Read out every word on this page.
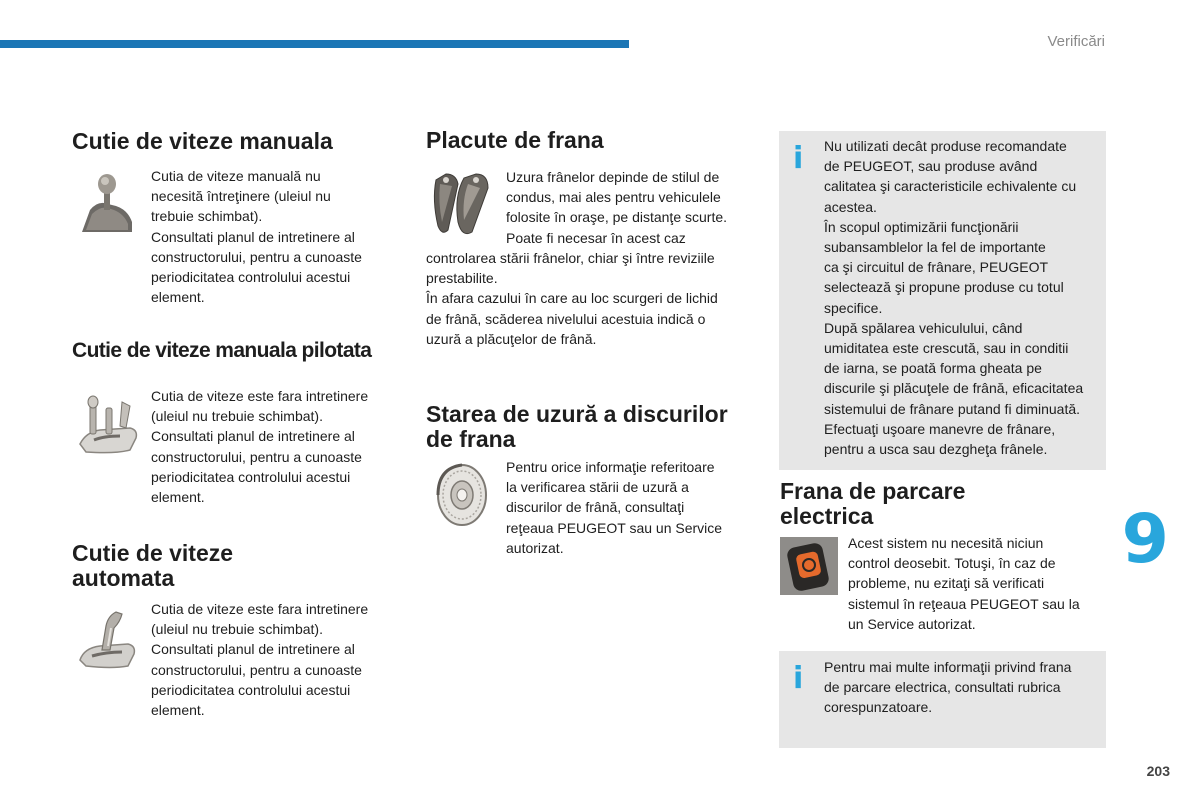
Verificări
Cutie de viteze manuala
Cutia de viteze manuală nu
necesită întreţinere (uleiul nu
trebuie schimbat).
Consultati planul de intretinere al
constructorului, pentru a cunoaste
periodicitatea controlului acestui
element.
Cutie de viteze manuala pilotata
Cutia de viteze este fara intretinere
(uleiul nu trebuie schimbat).
Consultati planul de intretinere al
constructorului, pentru a cunoaste
periodicitatea controlului acestui
element.
Cutie de viteze
automata
Cutia de viteze este fara intretinere
(uleiul nu trebuie schimbat).
Consultati planul de intretinere al
constructorului, pentru a cunoaste
periodicitatea controlului acestui
element.
Placute de frana
Uzura frânelor depinde de stilul de
condus, mai ales pentru vehiculele
folosite în oraşe, pe distanţe scurte.
Poate fi necesar în acest caz
controlarea stării frânelor, chiar şi între reviziile
prestabilite.
În afara cazului în care au loc scurgeri de lichid
de frână, scăderea nivelului acestuia indică o
uzură a plăcuţelor de frână.
Starea de uzură a discurilor
de frana
Pentru orice informaţie referitoare
la verificarea stării de uzură a
discurilor de frână, consultaţi
reţeaua PEUGEOT sau un Service
autorizat.
i Nu utilizati decât produse recomandate
de PEUGEOT, sau produse având
calitatea şi caracteristicile echivalente cu
acestea.
În scopul optimizării funcţionării
subansamblelor la fel de importante
ca şi circuitul de frânare, PEUGEOT
selectează şi propune produse cu totul
specifice.
După spălarea vehiculului, când
umiditatea este crescută, sau in conditii
de iarna, se poată forma gheata pe
discurile şi plăcuţele de frână, eficacitatea
sistemului de frânare putand fi diminuată.
Efectuaţi uşoare manevre de frânare,
pentru a usca sau dezgheţa frânele.
Frana de parcare
electrica
Acest sistem nu necesită niciun
control deosebit. Totuşi, în caz de
probleme, nu ezitaţi să verificati
sistemul în reţeaua PEUGEOT sau la
un Service autorizat.
i Pentru mai multe informaţii privind frana
de parcare electrica, consultati rubrica
corespunzatoare.
9
203
